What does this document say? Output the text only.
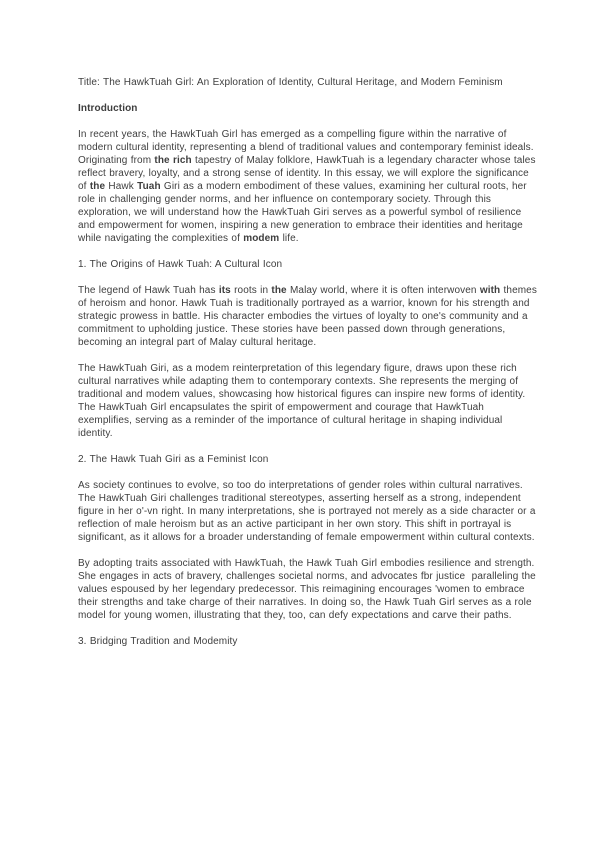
Title: The HawkTuah Girl: An Exploration of Identity, Cultural Heritage, and Modern Feminism

Introduction

In recent years, the HawkTuah Girl has emerged as a compelling figure within the narrative of modern cultural identity, representing a blend of traditional values and contemporary feminist ideals. Originating from the rich tapestry of Malay folklore, HawkTuah is a legendary character whose tales reflect bravery, loyalty, and a strong sense of identity. In this essay, we will explore the significance of the Hawk Tuah Giri as a modern embodiment of these values, examining her cultural roots, her role in challenging gender norms, and her influence on contemporary society. Through this exploration, we will understand how the HawkTuah Giri serves as a powerful symbol of resilience and empowerment for women, inspiring a new generation to embrace their identities and heritage while navigating the complexities of modem life.

1. The Origins of Hawk Tuah: A Cultural Icon

The legend of Hawk Tuah has its roots in the Malay world, where it is often interwoven with themes of heroism and honor. Hawk Tuah is traditionally portrayed as a warrior, known for his strength and strategic prowess in battle. His character embodies the virtues of loyalty to one's community and a commitment to upholding justice. These stories have been passed down through generations, becoming an integral part of Malay cultural heritage.

The HawkTuah Giri, as a modem reinterpretation of this legendary figure, draws upon these rich cultural narratives while adapting them to contemporary contexts. She represents the merging of traditional and modem values, showcasing how historical figures can inspire new forms of identity. The HawkTuah Girl encapsulates the spirit of empowerment and courage that HawkTuah exemplifies, serving as a reminder of the importance of cultural heritage in shaping individual identity.

2. The Hawk Tuah Giri as a Feminist Icon

As society continues to evolve, so too do interpretations of gender roles within cultural narratives. The HawkTuah Giri challenges traditional stereotypes, asserting herself as a strong, independent figure in her o'-vn right. In many interpretations, she is portrayed not merely as a side character or a reflection of male heroism but as an active participant in her own story. This shift in portrayal is significant, as it allows for a broader understanding of female empowerment within cultural contexts.

By adopting traits associated with HawkTuah, the Hawk Tuah Girl embodies resilience and strength. She engages in acts of bravery, challenges societal norms, and advocates fbr justice  paralleling the values espoused by her legendary predecessor. This reimagining encourages 'women to embrace their strengths and take charge of their narratives. In doing so, the Hawk Tuah Girl serves as a role model for young women, illustrating that they, too, can defy expectations and carve their paths.

3. Bridging Tradition and Modemity
